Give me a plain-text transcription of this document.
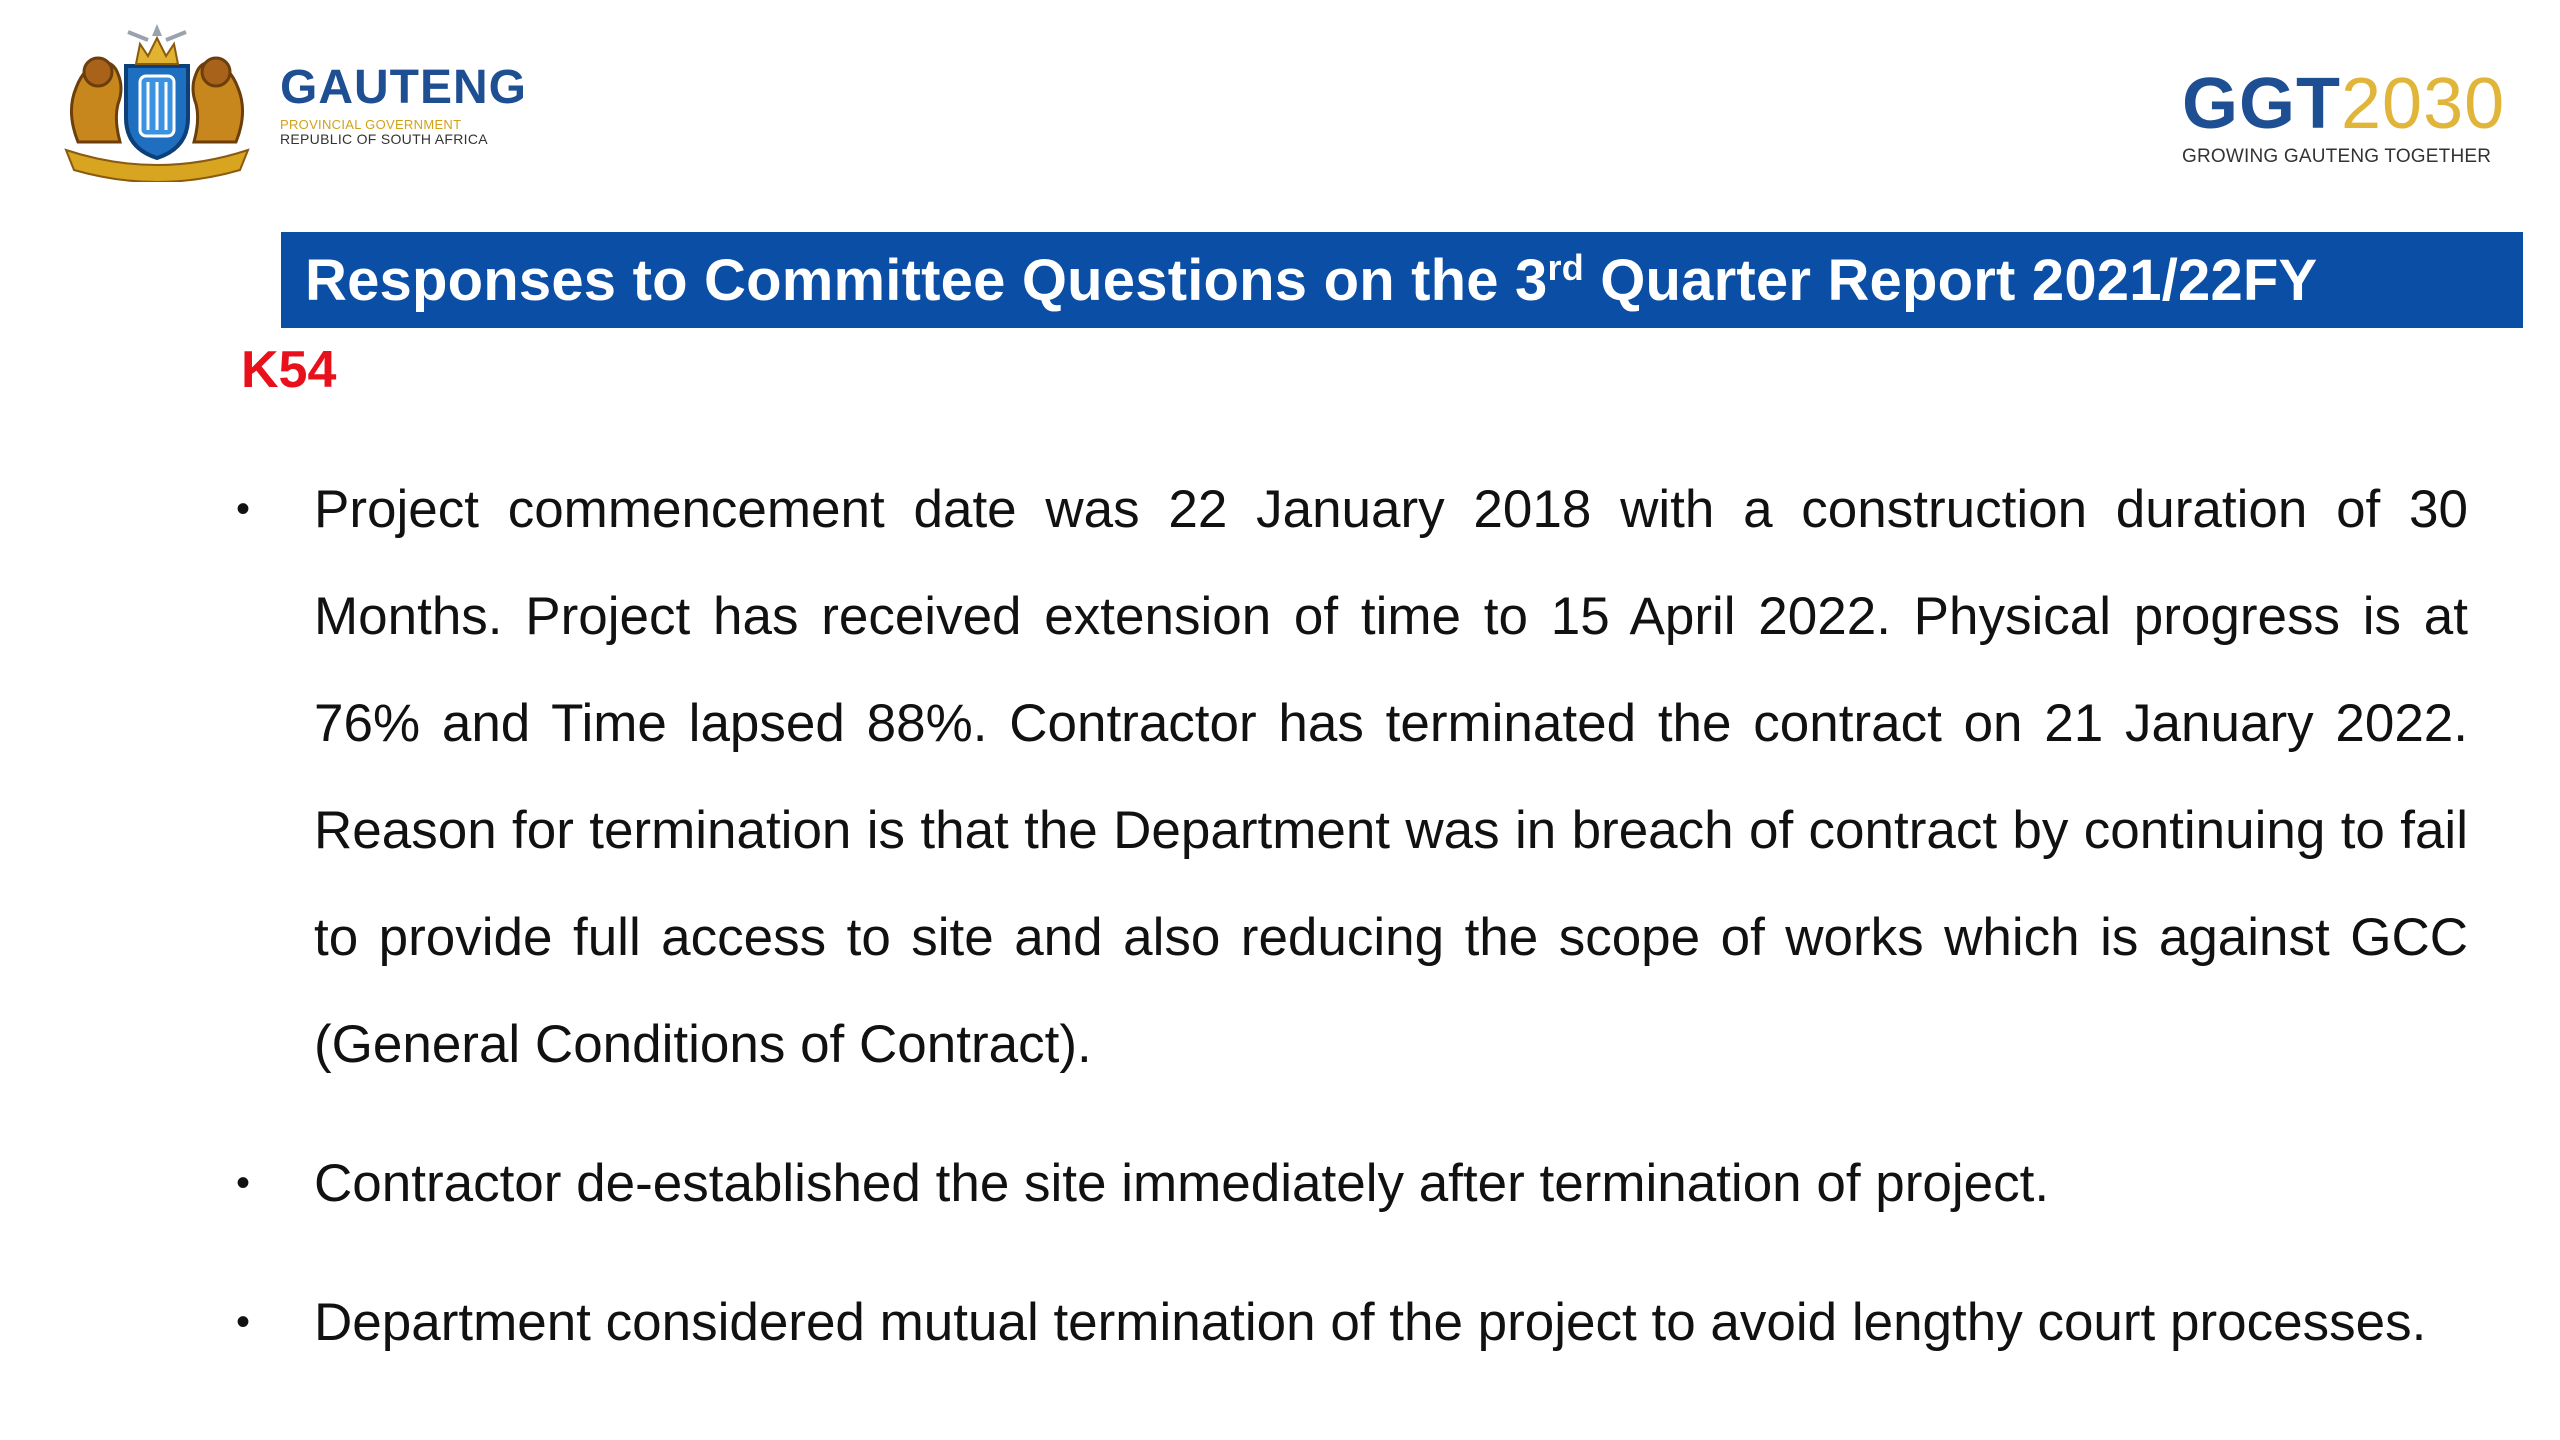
GAUTENG
PROVINCIAL GOVERNMENT
REPUBLIC OF SOUTH AFRICA	GGT2030
GROWING GAUTENG TOGETHER
Responses to Committee Questions on the 3rd Quarter Report 2021/22FY
K54
• Project commencement date was 22 January 2018 with a construction duration of 30 Months. Project has received extension of time to 15 April 2022. Physical progress is at 76% and Time lapsed 88%. Contractor has terminated the contract on 21 January 2022. Reason for termination is that the Department was in breach of contract by continuing to fail to provide full access to site and also reducing the scope of works which is against GCC (General Conditions of Contract).
• Contractor de-established the site immediately after termination of project.
• Department considered mutual termination of the project to avoid lengthy court processes.
